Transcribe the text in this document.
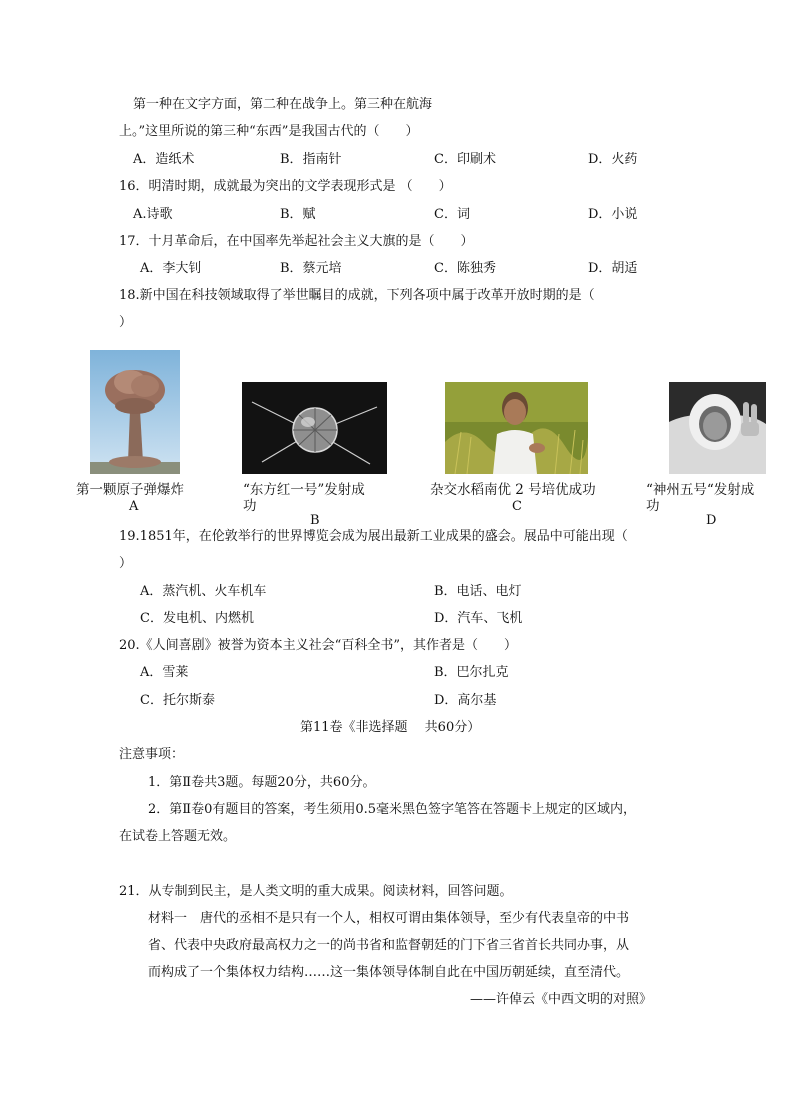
第一种在文字方面，第二种在战争上。第三种在航海
上。”这里所说的第三种“东西”是我国古代的（　　）
A．造纸术	B．指南针	C．印刷术	D．火药
16．明清时期，成就最为突出的文学表现形式是 （　　）
A.诗歌	B．赋	C．词	D．小说
17．十月革命后，在中国率先举起社会主义大旗的是（　　）
A．李大钊	B．蔡元培	C．陈独秀	D．胡适
18.新中国在科技领域取得了举世瞩目的成就，下列各项中属于改革开放时期的是（
）
第一颗原子弹爆炸
A
“东方红一号”发射成
功
B
杂交水稻南优 2 号培优成功
C
“神州五号“发射成
功
D
19.1851年，在伦敦举行的世界博览会成为展出最新工业成果的盛会。展品中可能出现（
）
A．蒸汽机、火车机车	B．电话、电灯
C．发电机、内燃机	D．汽车、飞机
20.《人间喜剧》被誉为资本主义社会“百科全书”，其作者是（　　）
A．雪莱	B．巴尔扎克
C．托尔斯泰	D．高尔基
第11卷《非选择题　 共60分）
注意事项：
1．第Ⅱ卷共3题。每题20分，共60分。
2．第Ⅱ卷0有题目的答案，考生须用0.5毫米黑色签字笔答在答题卡上规定的区域内，
在试卷上答题无效。
21．从专制到民主，是人类文明的重大成果。阅读材料，回答问题。
材料一　唐代的丞相不是只有一个人，相权可谓由集体领导，至少有代表皇帝的中书
省、代表中央政府最高权力之一的尚书省和监督朝廷的门下省三省首长共同办事，从
而构成了一个集体权力结构……这一集体领导体制自此在中国历朝延续，直至清代。
——许倬云《中西文明的对照》
